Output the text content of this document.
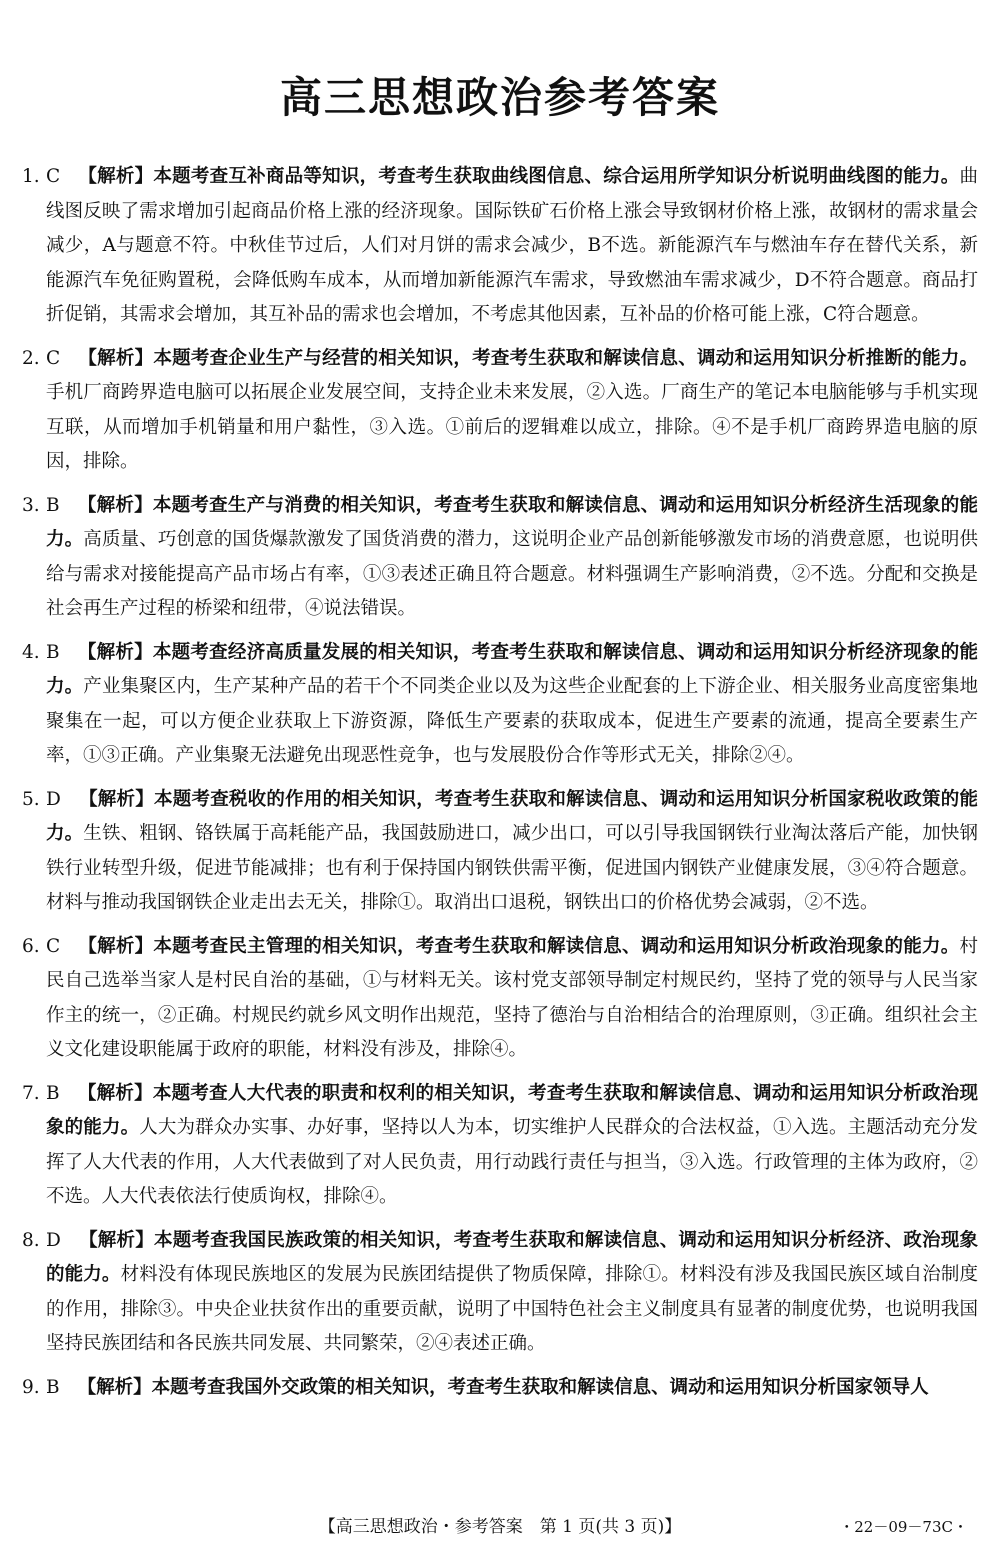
高三思想政治参考答案
1. C 【解析】本题考查互补商品等知识，考查考生获取曲线图信息、综合运用所学知识分析说明曲线图的能力。曲线图反映了需求增加引起商品价格上涨的经济现象。国际铁矿石价格上涨会导致钢材价格上涨，故钢材的需求量会减少，A与题意不符。中秋佳节过后，人们对月饼的需求会减少，B不选。新能源汽车与燃油车存在替代关系，新能源汽车免征购置税，会降低购车成本，从而增加新能源汽车需求，导致燃油车需求减少，D不符合题意。商品打折促销，其需求会增加，其互补品的需求也会增加，不考虑其他因素，互补品的价格可能上涨，C符合题意。
2. C 【解析】本题考查企业生产与经营的相关知识，考查考生获取和解读信息、调动和运用知识分析推断的能力。手机厂商跨界造电脑可以拓展企业发展空间，支持企业未来发展，②入选。厂商生产的笔记本电脑能够与手机实现互联，从而增加手机销量和用户黏性，③入选。①前后的逻辑难以成立，排除。④不是手机厂商跨界造电脑的原因，排除。
3. B 【解析】本题考查生产与消费的相关知识，考查考生获取和解读信息、调动和运用知识分析经济生活现象的能力。高质量、巧创意的国货爆款激发了国货消费的潜力，这说明企业产品创新能够激发市场的消费意愿，也说明供给与需求对接能提高产品市场占有率，①③表述正确且符合题意。材料强调生产影响消费，②不选。分配和交换是社会再生产过程的桥梁和纽带，④说法错误。
4. B 【解析】本题考查经济高质量发展的相关知识，考查考生获取和解读信息、调动和运用知识分析经济现象的能力。产业集聚区内，生产某种产品的若干个不同类企业以及为这些企业配套的上下游企业、相关服务业高度密集地聚集在一起，可以方便企业获取上下游资源，降低生产要素的获取成本，促进生产要素的流通，提高全要素生产率，①③正确。产业集聚无法避免出现恶性竞争，也与发展股份合作等形式无关，排除②④。
5. D 【解析】本题考查税收的作用的相关知识，考查考生获取和解读信息、调动和运用知识分析国家税收政策的能力。生铁、粗钢、铬铁属于高耗能产品，我国鼓励进口，减少出口，可以引导我国钢铁行业淘汰落后产能，加快钢铁行业转型升级，促进节能减排；也有利于保持国内钢铁供需平衡，促进国内钢铁产业健康发展，③④符合题意。材料与推动我国钢铁企业走出去无关，排除①。取消出口退税，钢铁出口的价格优势会减弱，②不选。
6. C 【解析】本题考查民主管理的相关知识，考查考生获取和解读信息、调动和运用知识分析政治现象的能力。村民自己选举当家人是村民自治的基础，①与材料无关。该村党支部领导制定村规民约，坚持了党的领导与人民当家作主的统一，②正确。村规民约就乡风文明作出规范，坚持了德治与自治相结合的治理原则，③正确。组织社会主义文化建设职能属于政府的职能，材料没有涉及，排除④。
7. B 【解析】本题考查人大代表的职责和权利的相关知识，考查考生获取和解读信息、调动和运用知识分析政治现象的能力。人大为群众办实事、办好事，坚持以人为本，切实维护人民群众的合法权益，①入选。主题活动充分发挥了人大代表的作用，人大代表做到了对人民负责，用行动践行责任与担当，③入选。行政管理的主体为政府，②不选。人大代表依法行使质询权，排除④。
8. D 【解析】本题考查我国民族政策的相关知识，考查考生获取和解读信息、调动和运用知识分析经济、政治现象的能力。材料没有体现民族地区的发展为民族团结提供了物质保障，排除①。材料没有涉及我国民族区域自治制度的作用，排除③。中央企业扶贫作出的重要贡献，说明了中国特色社会主义制度具有显著的制度优势，也说明我国坚持民族团结和各民族共同发展、共同繁荣，②④表述正确。
9. B 【解析】本题考查我国外交政策的相关知识，考查考生获取和解读信息、调动和运用知识分析国家领导人
【高三思想政治・参考答案　第 1 页(共 3 页)】	・22－09－73C・
